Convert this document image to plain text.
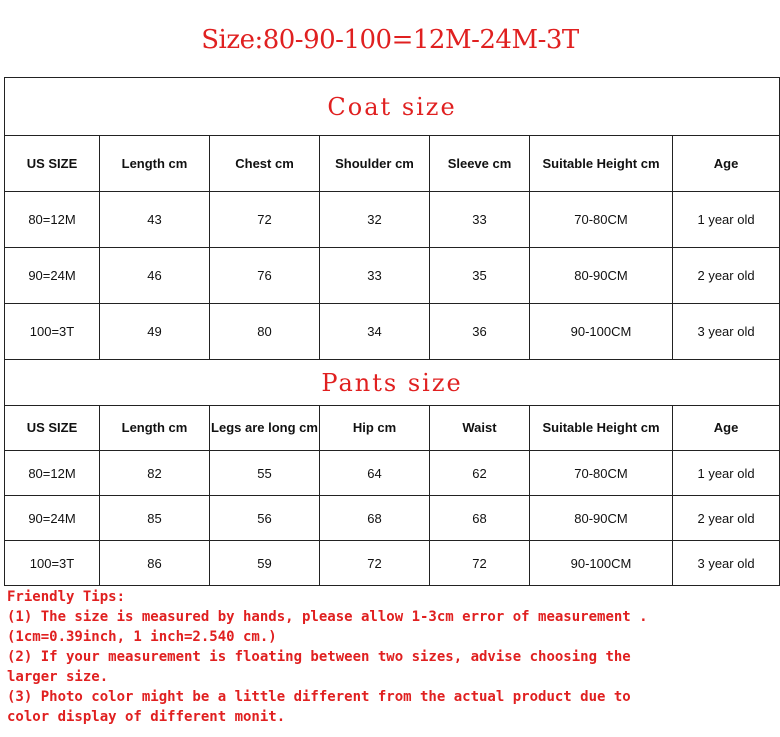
Size:80-90-100=12M-24M-3T
Coat size						
US SIZE	Length cm	Chest cm	Shoulder cm	Sleeve cm	Suitable Height cm	Age
80=12M	43	72	32	33	70-80CM	1 year old
90=24M	46	76	33	35	80-90CM	2 year old
100=3T	49	80	34	36	90-100CM	3 year old
Pants size						
US SIZE	Length cm	Legs are long cm	Hip cm	Waist	Suitable Height cm	Age
80=12M	82	55	64	62	70-80CM	1 year old
90=24M	85	56	68	68	80-90CM	2 year old
100=3T	86	59	72	72	90-100CM	3 year old
Friendly Tips:
(1) The size is measured by hands, please allow 1-3cm error of measurement .
(1cm=0.39inch, 1 inch=2.540 cm.)
(2) If your measurement is floating between two sizes, advise choosing the
larger size.
(3) Photo color might be a little different from the actual product due to
color display of different monit.
